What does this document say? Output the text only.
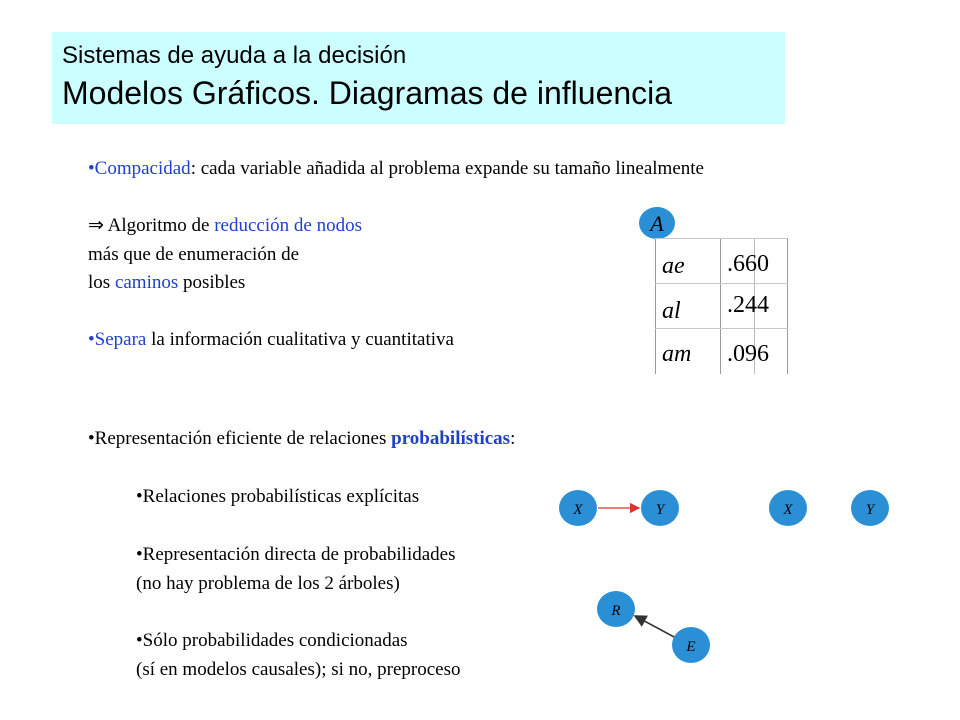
Sistemas de ayuda a la decisión
Modelos Gráficos. Diagramas de influencia
•Compacidad: cada variable añadida al problema expande su tamaño linealmente
⇒ Algoritmo de reducción de nodos
más que de enumeración de
los caminos posibles
•Separa la información cualitativa y cuantitativa
•Representación eficiente de relaciones probabilísticas:
•Relaciones probabilísticas explícitas
•Representación directa de probabilidades
(no hay problema de los 2 árboles)
•Sólo probabilidades condicionadas
(sí en modelos causales); si no, preproceso
A
ae .660
al .244
am .096
X	Y	X	Y
R
E
